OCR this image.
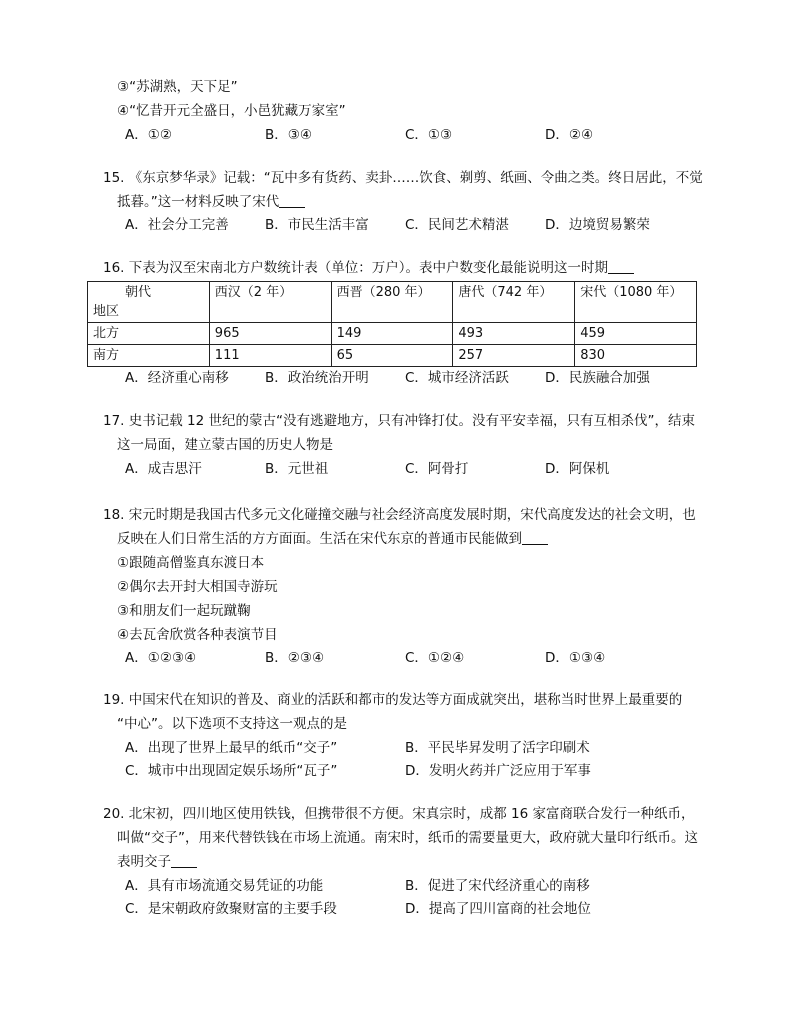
③“苏湖熟，天下足”
④“忆昔开元全盛日，小邑犹藏万家室”
A．①②	B．③④	C．①③	D．②④
15. 《东京梦华录》记载：“瓦中多有货药、卖卦……饮食、剃剪、纸画、令曲之类。终日居此，不觉
抵暮。”这一材料反映了宋代
A．社会分工完善	B．市民生活丰富	C．民间艺术精湛	D．边境贸易繁荣
16. 下表为汉至宋南北方户数统计表（单位：万户）。表中户数变化最能说明这一时期
朝代
地区	西汉（2 年）	西晋（280 年）	唐代（742 年）	宋代（1080 年）
北方	965	149	493	459
南方	111	65	257	830
A．经济重心南移	B．政治统治开明	C．城市经济活跃	D．民族融合加强
17. 史书记载 12 世纪的蒙古“没有逃避地方，只有冲锋打仗。没有平安幸福，只有互相杀伐”，结束
这一局面，建立蒙古国的历史人物是
A．成吉思汗	B．元世祖	C．阿骨打	D．阿保机
18. 宋元时期是我国古代多元文化碰撞交融与社会经济高度发展时期，宋代高度发达的社会文明，也
反映在人们日常生活的方方面面。生活在宋代东京的普通市民能做到
①跟随高僧鉴真东渡日本
②偶尔去开封大相国寺游玩
③和朋友们一起玩蹴鞠
④去瓦舍欣赏各种表演节目
A．①②③④	B．②③④	C．①②④	D．①③④
19. 中国宋代在知识的普及、商业的活跃和都市的发达等方面成就突出，堪称当时世界上最重要的
“中心”。以下选项不支持这一观点的是
A．出现了世界上最早的纸币“交子”	B．平民毕昇发明了活字印刷术
C．城市中出现固定娱乐场所“瓦子”	D．发明火药并广泛应用于军事
20. 北宋初，四川地区使用铁钱，但携带很不方便。宋真宗时，成都 16 家富商联合发行一种纸币，
叫做“交子”，用来代替铁钱在市场上流通。南宋时，纸币的需要量更大，政府就大量印行纸币。这
表明交子
A．具有市场流通交易凭证的功能	B．促进了宋代经济重心的南移
C．是宋朝政府敛聚财富的主要手段	D．提高了四川富商的社会地位
